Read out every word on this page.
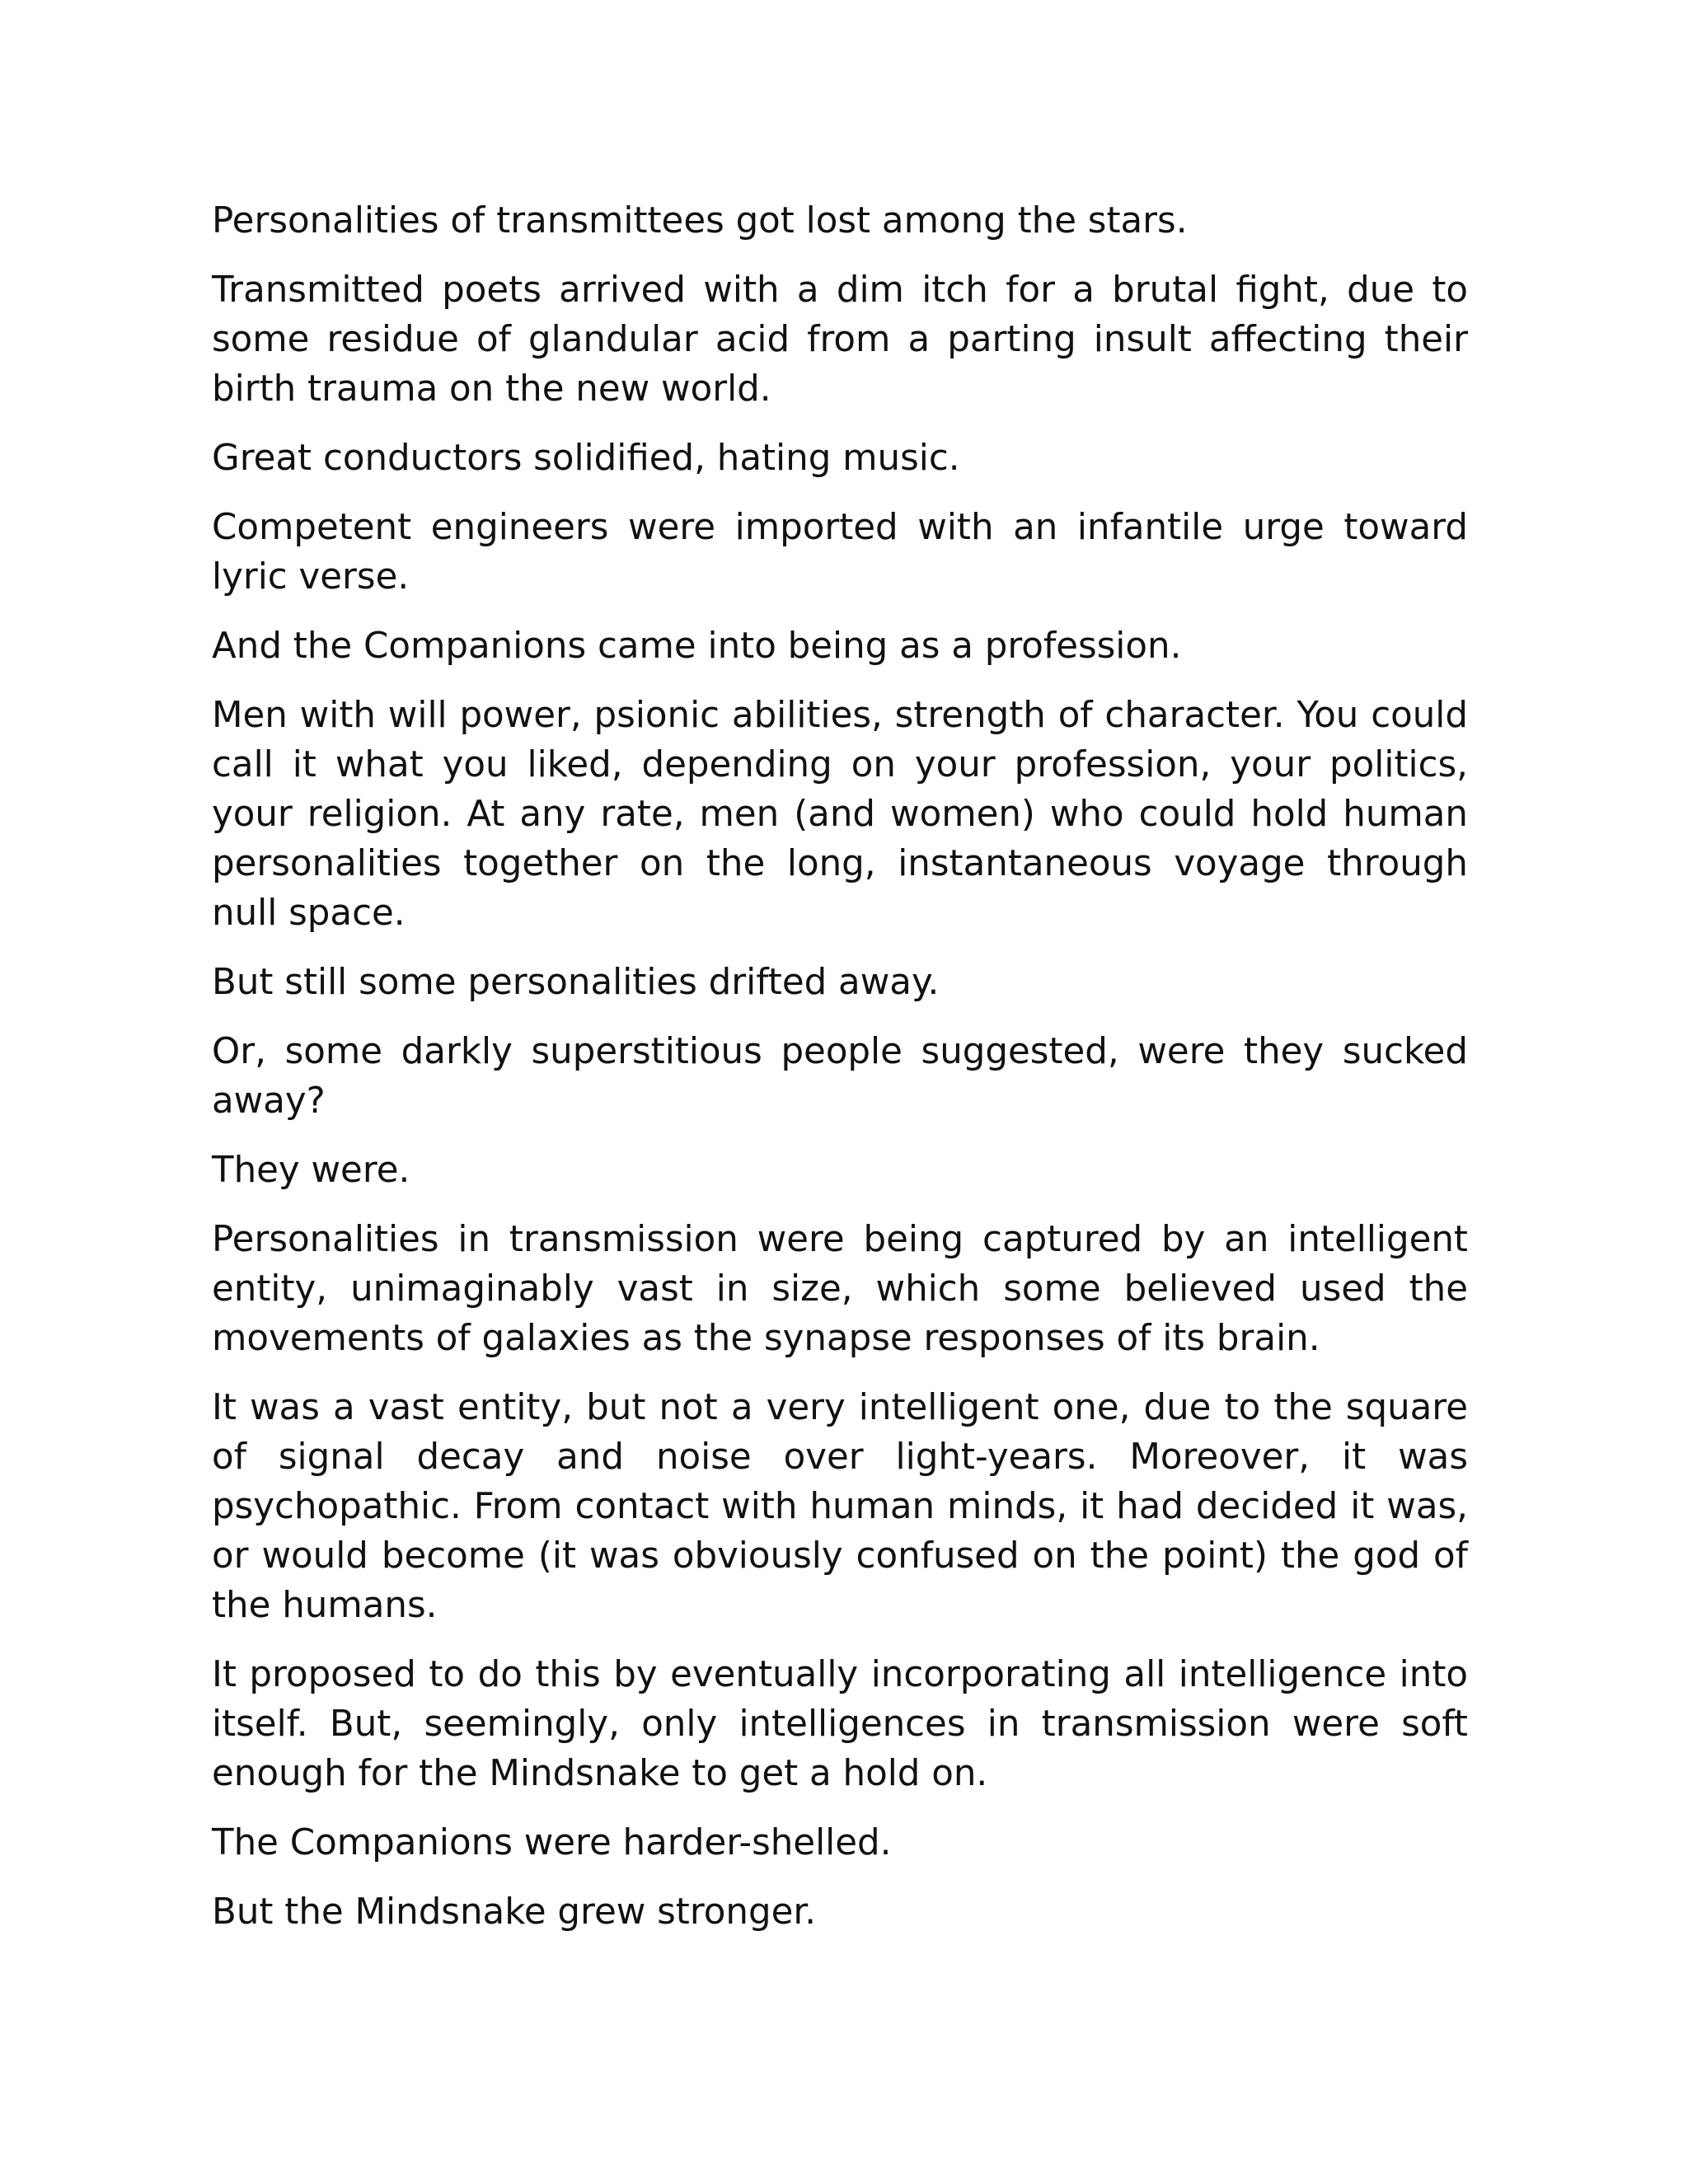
Personalities of transmittees got lost among the stars.

Transmitted poets arrived with a dim itch for a brutal fight, due to some residue of glandular acid from a parting insult affecting their birth trauma on the new world.

Great conductors solidified, hating music.

Competent engineers were imported with an infantile urge toward lyric verse.

And the Companions came into being as a profession.

Men with will power, psionic abilities, strength of character. You could call it what you liked, depending on your profession, your politics, your religion. At any rate, men (and women) who could hold human personalities together on the long, instantaneous voyage through null space.

But still some personalities drifted away.

Or, some darkly superstitious people suggested, were they sucked away?

They were.

Personalities in transmission were being captured by an intelligent entity, unimaginably vast in size, which some believed used the movements of galaxies as the synapse responses of its brain.

It was a vast entity, but not a very intelligent one, due to the square of signal decay and noise over light-years. Moreover, it was psychopathic. From contact with human minds, it had decided it was, or would become (it was obviously confused on the point) the god of the humans.

It proposed to do this by eventually incorporating all intelligence into itself. But, seemingly, only intelligences in transmission were soft enough for the Mindsnake to get a hold on.

The Companions were harder-shelled.

But the Mindsnake grew stronger.
